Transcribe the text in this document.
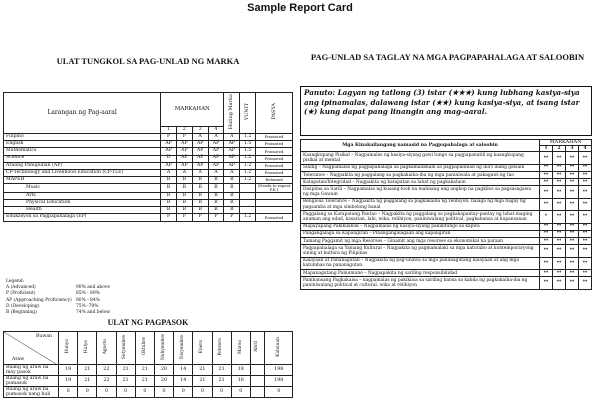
Sample Report Card
ULAT TUNGKOL SA PAG-UNLAD NG MARKA	PAG-UNLAD SA TAGLAY NA MGA PAGPAPAHALAGA AT SALOOBIN
Larangan ng Pag-aaral	MARKAHAN				Huling Marka	YUNIT	PASYA
	1	2	3	4			
Filipino	P	P	A	A	A	1.2	Promoted
English	AP	AP	AP	AP	AP	1.5	Promoted
Mathematics	AP	AP	AP	AP	AP	1.5	Promoted
Science	D	AP	AP	AP	AP	1.2	Promoted
Araling Panlipunan (AP)	AP	AP	AP	AP	AP	1.2	Promoted
CP-Technology and Livelihood Education (CP-TLE)	A	A	A	A	A	1.2	Promoted
MAPEH	B	B	B	B	B	1.2	Retained
Music	B	B	B	B	B		(Needs to repeat P.E.)
Arts	B	B	B	B	B		
Physical Education	B	B	B	B	B		
Health	B	B	B	B	B		
Edukasyon sa Pagpapahalaga (EP)	P	P	P	P	P	1.2	Promoted
Legend:
A (Advanced)	90% and above
P (Proficient)	85% - 89%
AP (Approaching Proficiency) 80% - 84%
D (Developing)	75% -79%
B (Beginning)	74% and below
ULAT NG PAGPASOK
Buwan
Araw	Hunyo	Hulyo	Agosto	Setyembre	Oktubre	Nobyembre	Disyembre	Enero	Pebrero	Marso	Abril	Kabuuan
Bilang ng araw na may pasok	19	21	22	21	21	20	14	21	21	18		198
Bilang ng araw na pumasok	19	21	22	21	21	20	14	21	21	18		198
Bilang ng araw na pumasok nang huli	0	0	0	0	0	0	0	0	0	0		0
Panuto: Lagyan ng tatlong (3) istar (★★★) kung lubhang kasiya-siya ang ipinamalas, dalawang istar (★★) kung kasiya-siya, at isang istar (★) kung dapat pang linangin ang mag-aaral.
Mga Kinakailangang namasid na Pagpapahalaga at saloobin	MARKAHAN			
	1	2	3	4
Kaangkupang Pisikal – Nagpamalas ng kasiya-siyang gawi tungo sa pagpapanatili ng kaangkupang pisikal at mental	**	**	**	**
Sining – Nagpamalas ng pagpapahalaga sa pagkamalikhain sa pagpapaunlad ng iba't ibang gawain	**	**	**	**
Tolerance – Nagpakita ng paggalang sa pagkakaiba-iba ng mga paniniwala at pakagawi ng tao	**	**	**	**
Katapatan/Integridad – Nagpakita ng katapatan sa lahat ng pagkakataon	**	**	**	**
Disiplina sa Sarili – Nagpamalas ng kusang-loob na malinang ang angkop na pagkilos sa pagsasagawa ng mga Gawain	**	**	**	**
Religious Tolerance – Nagpakita ng paggalang sa pagkakaiba ng relihiyon, halaga ng mga bagay ng pagsamba at mga simbolong banal	**	**	**	**
Paggalang sa Karapatang Pantao – Nagpakita ng paggalang sa pagkakapantay-pantay ng lahat maging anuman ang edad, kasarian, lahi, wika, relihiyon, paniniwalang political, pagkabansa at kapansanan	*	**	**	**
Mapayapang Pakikilahok – Nagpamalas ng kasiya-siyang pakikitungo sa kapwa	**	**	**	**
Pangangalaga sa Kapaligiran – Pinangangalagaan ang kapaligiran	**	**	**	**
Tamang Paggamit ng mga Resorses – Ginamit ang mga resorses sa ekonomikal na paraan	**	**	**	**
Pagpapahalaga sa Yamang Kultural – Nagpakita ng pagmamalaki sa mga katutubo at kontemporaryong sining at kultura ng Pilipinas	**	**	**	**
Kalayaan at Pananagutan – Nagpakita ng pag-unawa sa mga pananagutang kalayaan at ang mga katumbas na pananagutan	**	**	**	**
Mapanagutang Pamumuno – Nagpapakita ng sariling responsibilidad	**	**	**	**
Pambansang Pagkakaisa – nagpamalas ng pakikiisa sa sariling bansa sa kabila ng pagkakaiba-iba ng paniniwalang political at cultural, wika at relihiyon	**	**	**	**
